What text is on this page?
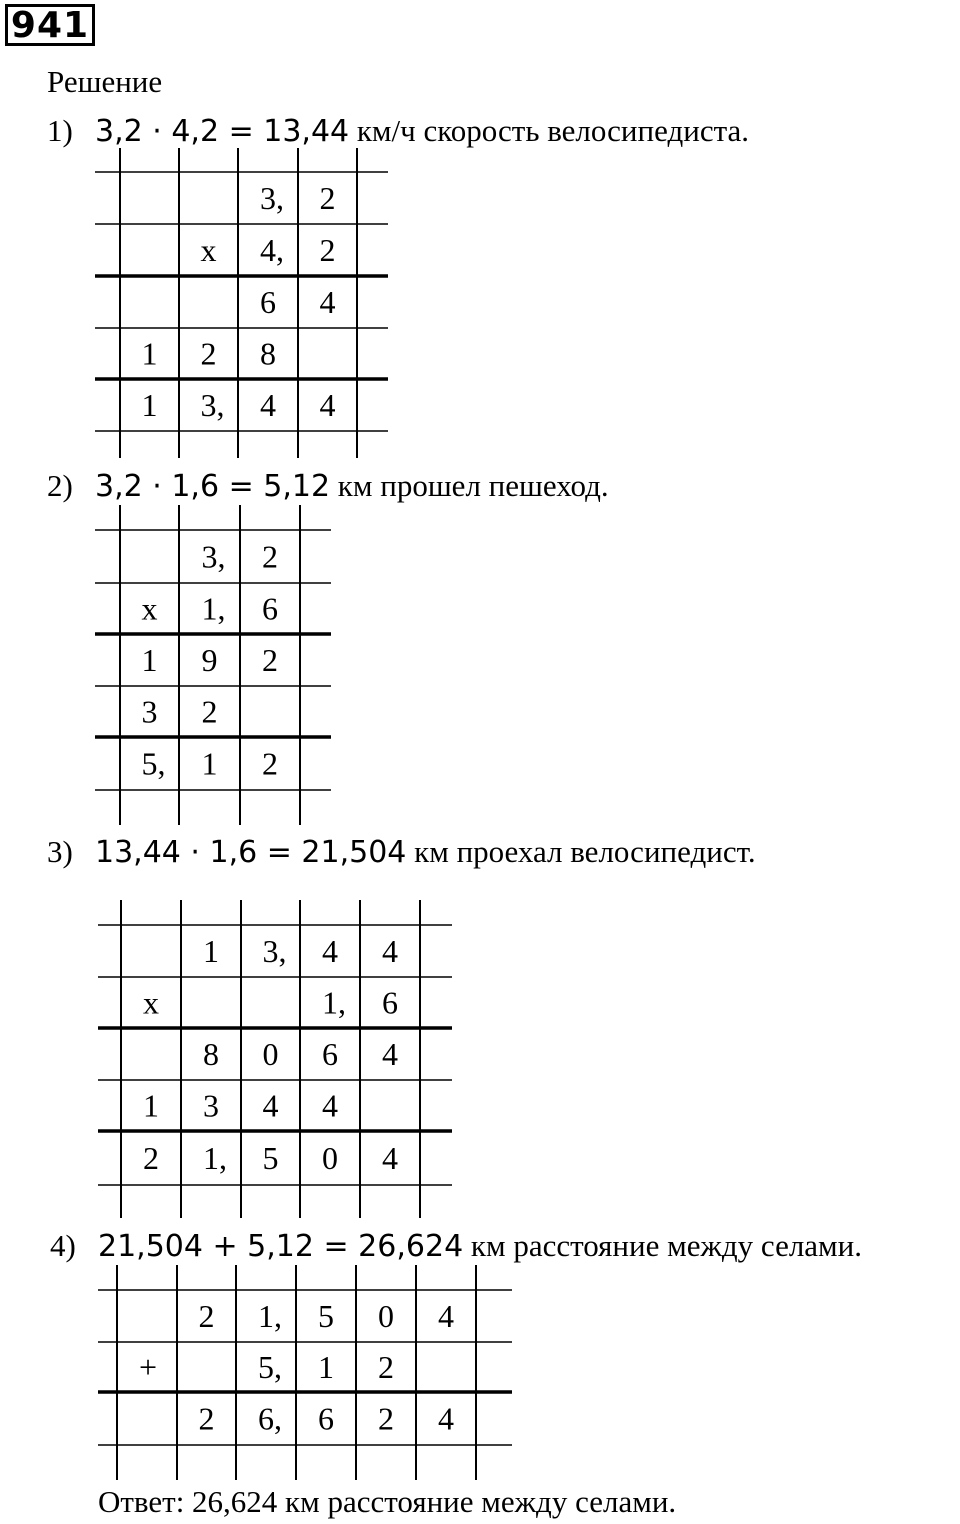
941
Решение
1) 3,2 · 4,2 = 13,44 км/ч скорость велосипедиста.
2) 3,2 · 1,6 = 5,12 км прошел пешеход.
3) 13,44 · 1,6 = 21,504 км проехал велосипедист.
4) 21,504 + 5,12 = 26,624 км расстояние между селами.
Ответ: 26,624 км расстояние между селами.
3, 2
x 4, 2
6 4
1 2 8
1 3, 4 4
3, 2
x 1, 6
1 9 2
3 2
5, 1 2
1 3, 4 4
x	1, 6
8 0 6 4
1 3 4 4
2 1, 5 0 4
2 1, 5 0 4
+	5, 1 2
2 6, 6 2 4
